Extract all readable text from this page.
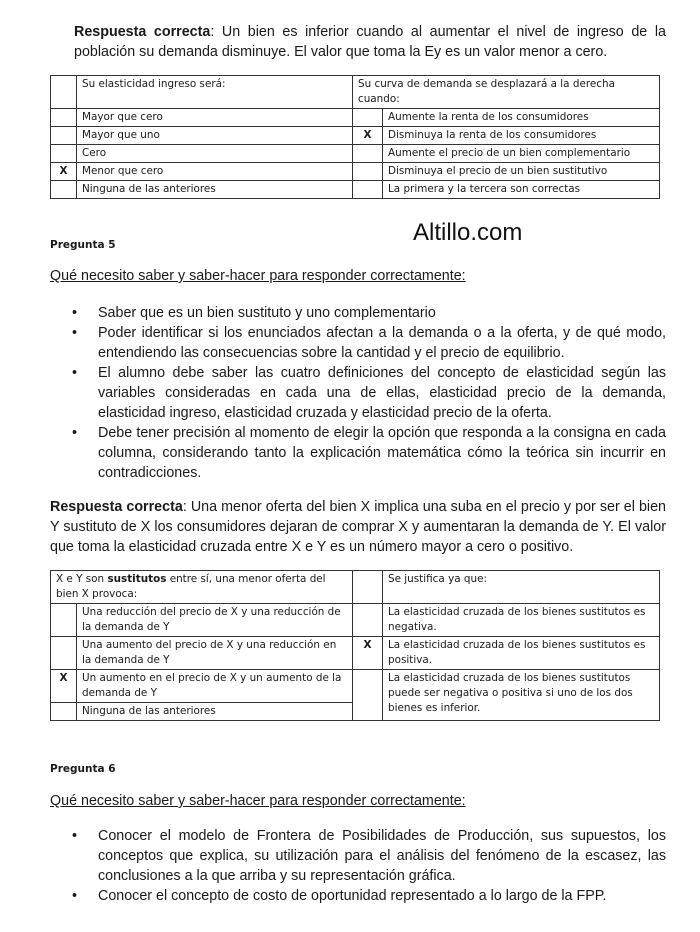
Respuesta correcta: Un bien es inferior cuando al aumentar el nivel de ingreso de la población su demanda disminuye. El valor que toma la Ey es un valor menor a cero.
	Su elasticidad ingreso será:	Su curva de demanda se desplazará a la derecha cuando:	
	Mayor que cero		Aumente la renta de los consumidores
	Mayor que uno	X	Disminuya la renta de los consumidores
	Cero		Aumente el precio de un bien complementario
X	Menor que cero		Disminuya el precio de un bien sustitutivo
	Ninguna de las anteriores		La primera y la tercera son correctas
Pregunta 5	Altillo.com
Qué necesito saber y saber-hacer para responder correctamente:
• Saber que es un bien sustituto y uno complementario
• Poder identificar si los enunciados afectan a la demanda o a la oferta, y de qué modo, entendiendo las consecuencias sobre la cantidad y el precio de equilibrio.
• El alumno debe saber las cuatro definiciones del concepto de elasticidad según las variables consideradas en cada una de ellas, elasticidad precio de la demanda, elasticidad ingreso, elasticidad cruzada y elasticidad precio de la oferta.
• Debe tener precisión al momento de elegir la opción que responda a la consigna en cada columna, considerando tanto la explicación matemática cómo la teórica sin incurrir en contradicciones.
Respuesta correcta: Una menor oferta del bien X implica una suba en el precio y por ser el bien Y sustituto de X los consumidores dejaran de comprar X y aumentaran la demanda de Y. El valor que toma la elasticidad cruzada entre X e Y es un número mayor a cero o positivo.
X e Y son sustitutos entre sí, una menor oferta del bien X provoca:			Se justifica ya que:
	Una reducción del precio de X y una reducción de la demanda de Y		La elasticidad cruzada de los bienes sustitutos es negativa.
	Una aumento del precio de X y una reducción en la demanda de Y	X	La elasticidad cruzada de los bienes sustitutos es positiva.
X	Un aumento en el precio de X y un aumento de la demanda de Y		La elasticidad cruzada de los bienes sustitutos puede ser negativa o positiva si uno de los dos bienes es inferior.
	Ninguna de las anteriores		
Pregunta 6
Qué necesito saber y saber-hacer para responder correctamente:
• Conocer el modelo de Frontera de Posibilidades de Producción, sus supuestos, los conceptos que explica, su utilización para el análisis del fenómeno de la escasez, las conclusiones a la que arriba y su representación gráfica.
• Conocer el concepto de costo de oportunidad representado a lo largo de la FPP.
